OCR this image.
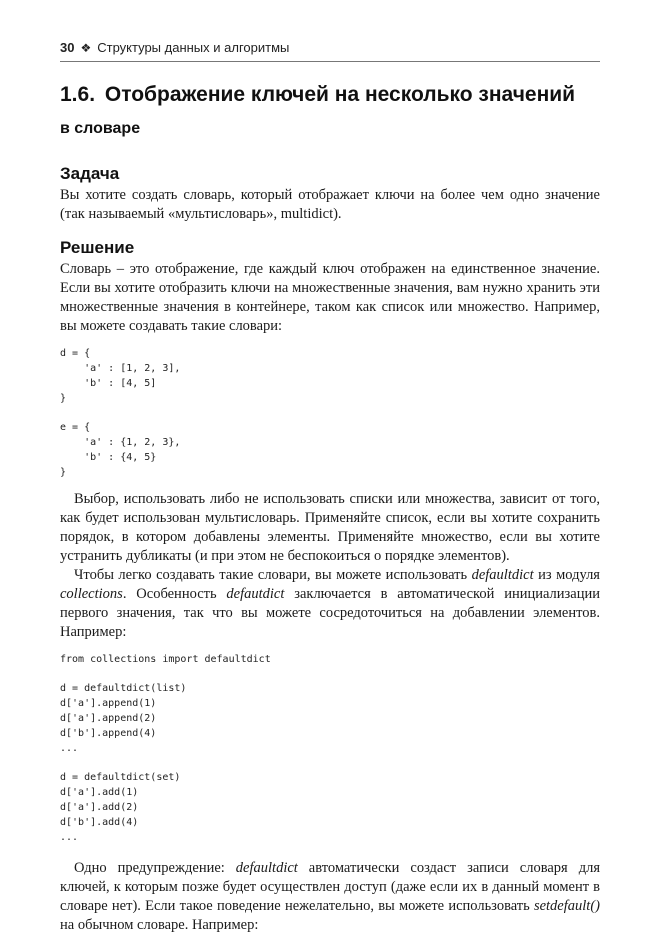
30 ❖ Структуры данных и алгоритмы
1.6. Отображение ключей на несколько значений
в словаре
Задача

Вы хотите создать словарь, который отображает ключи на более чем одно значение (так называемый «мультисловарь», multidict).

Решение

Словарь – это отображение, где каждый ключ отображен на единственное значение. Если вы хотите отобразить ключи на множественные значения, вам нужно хранить эти множественные значения в контейнере, таком как список или множество. Например, вы можете создавать такие словари:

d = {
'a' : [1, 2, 3],
'b' : [4, 5]
}
e = {
'a' : {1, 2, 3},
'b' : {4, 5}
}

Выбор, использовать либо не использовать списки или множества, зависит от того, как будет использован мультисловарь. Применяйте список, если вы хотите сохранить порядок, в котором добавлены элементы. Применяйте множество, если вы хотите устранить дубликаты (и при этом не беспокоиться о порядке элементов).

Чтобы легко создавать такие словари, вы можете использовать defaultdict из модуля collections. Особенность defautdict заключается в автоматической инициализации первого значения, так что вы можете сосредоточиться на добавлении элементов. Например:

from collections import defaultdict
d = defaultdict(list)
d['a'].append(1)
d['a'].append(2)
d['b'].append(4)
...
d = defaultdict(set)
d['a'].add(1)
d['a'].add(2)
d['b'].add(4)
...

Одно предупреждение: defaultdict автоматически создаст записи словаря для ключей, к которым позже будет осуществлен доступ (даже если их в данный момент в словаре нет). Если такое поведение нежелательно, вы можете использовать setdefault() на обычном словаре. Например:
